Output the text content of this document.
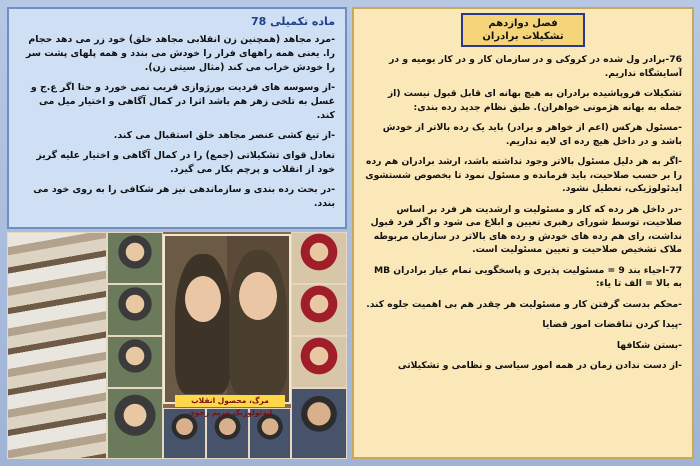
ماده تکمیلی 78

-مرد مجاهد (همچنین زن انقلابی مجاهد خلق) خود زر می دهد حجام را. یعنی همه راههای فرار را خودش می بندد و همه پلهای پشت سر را خودش خراب می کند (مثال سیتی زن).

-از وسوسه های فردیت بورژوازی فریب نمی خورد و حتا اگر ع.ج و غسل به تلخی زهر هم باشد اثرا در کمال آگاهی و اختیار میل می کند.

-از تیغ کشی عنصر مجاهد خلق استقبال می کند.

تعادل قوای تشکیلاتی (جمع) را در کمال آگاهی و اختیار علیه گریز خود از انقلاب و پرچم بکار می گیرد.

-در بحث رده بندی و سازماندهی نیز هر شکافی را به روی خود می بندد.

فصل دوازدهم
تشکیلات برادران

76-برادر ول شده در کروکی و در سازمان کار و در کار یومیه و در آسایشگاه نداریم.

تشکیلات فروپاشیده برادران به هیچ بهانه ای قابل قبول نیست (از جمله به بهانه هژمونی خواهران). طبق نظام جدید رده بندی:

-مسئول هرکس (اعم از خواهر و برادر) باید یک رده بالاتر از خودش باشد و در داخل هیچ رده ای لایه نداریم.

-اگر به هر دلیل مسئول بالاتر وجود نداشته باشد، ارشد برادران هم رده را بر حسب صلاحیت، باید فرمانده و مسئول نمود تا بخصوص شستشوی ایدئولوژیکی، تعطیل نشود.

-در داخل هر رده که کار و مسئولیت و ارشدیت هر فرد بر اساس صلاحیت، توسط شورای رهبری تعیین و ابلاغ می شود و اگر فرد قبول نداشت، رای هم رده های خودش و رده های بالاتر در سازمان مربوطه ملاک تشخیص صلاحیت و تعیین مسئولیت است.

77-احیاء بند 9 = مسئولیت پذیری و پاسخگویی تمام عیار برادران MB به بالا = الف تا یاء:

-محکم بدست گرفتن کار و مسئولیت هر چقدر هم بی اهمیت جلوه کند.

-پیدا کردن تناقضات امور قضایا

-بستن شکافها

-از دست ندادن زمان در همه امور سیاسی و نظامی و تشکیلاتی

مرگ، محصول انقلاب ایدئولوژیک مریم رجوی
